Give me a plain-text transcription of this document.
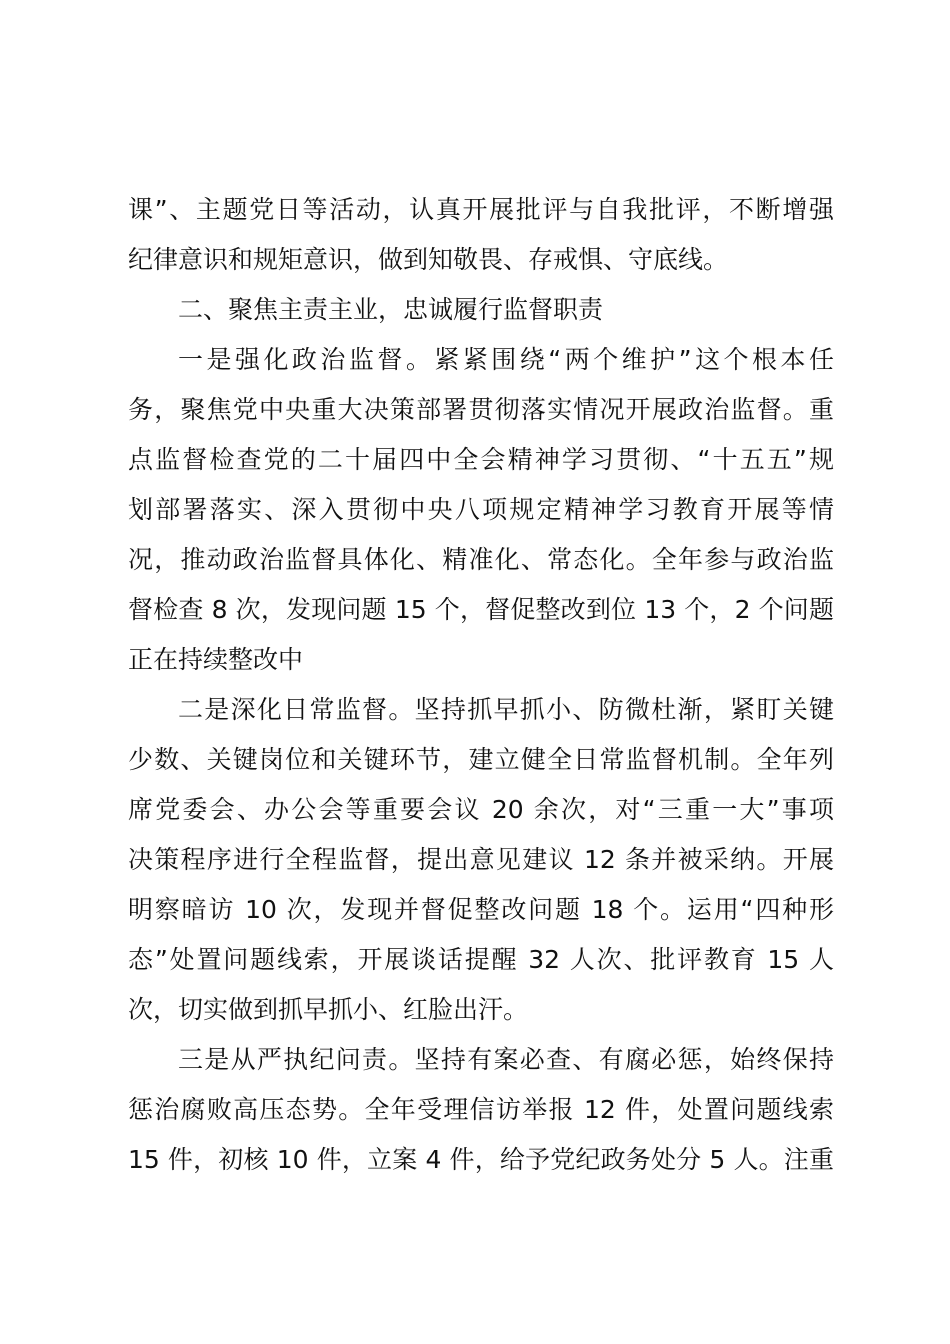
课”、主题党日等活动，认真开展批评与自我批评，不断增强
纪律意识和规矩意识，做到知敬畏、存戒惧、守底线。
二、聚焦主责主业，忠诚履行监督职责
一是强化政治监督。紧紧围绕“两个维护”这个根本任
务，聚焦党中央重大决策部署贯彻落实情况开展政治监督。重
点监督检查党的二十届四中全会精神学习贯彻、“十五五”规
划部署落实、深入贯彻中央八项规定精神学习教育开展等情
况，推动政治监督具体化、精准化、常态化。全年参与政治监
督检查 8 次，发现问题 15 个，督促整改到位 13 个，2 个问题
正在持续整改中
二是深化日常监督。坚持抓早抓小、防微杜渐，紧盯关键
少数、关键岗位和关键环节，建立健全日常监督机制。全年列
席党委会、办公会等重要会议 20 余次，对“三重一大”事项
决策程序进行全程监督，提出意见建议 12 条并被采纳。开展
明察暗访 10 次，发现并督促整改问题 18 个。运用“四种形
态”处置问题线索，开展谈话提醒 32 人次、批评教育 15 人
次，切实做到抓早抓小、红脸出汗。
三是从严执纪问责。坚持有案必查、有腐必惩，始终保持
惩治腐败高压态势。全年受理信访举报 12 件，处置问题线索
15 件，初核 10 件，立案 4 件，给予党纪政务处分 5 人。注重
